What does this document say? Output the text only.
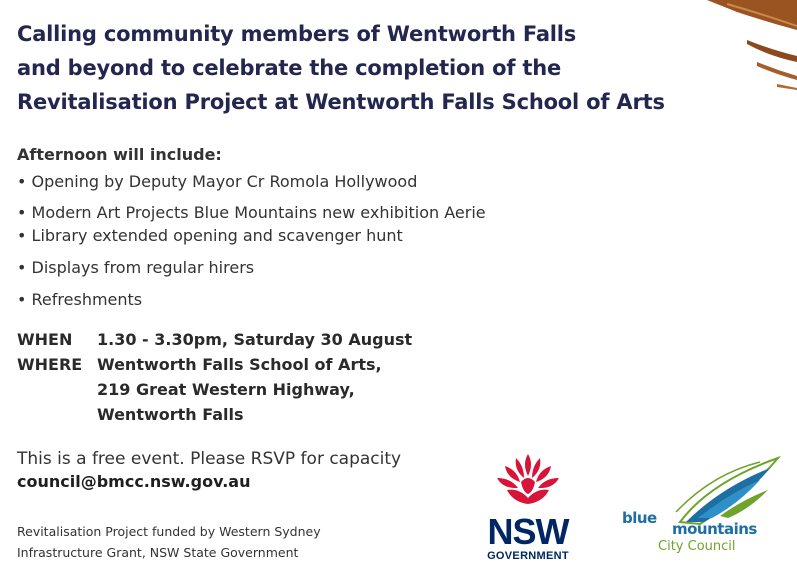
Calling community members of Wentworth Falls
and beyond to celebrate the completion of the
Revitalisation Project at Wentworth Falls School of Arts

Afternoon will include:

• Opening by Deputy Mayor Cr Romola Hollywood
• Modern Art Projects Blue Mountains new exhibition Aerie
• Library extended opening and scavenger hunt
• Displays from regular hirers
• Refreshments
WHEN	1.30 - 3.30pm, Saturday 30 August
WHERE Wentworth Falls School of Arts,
219 Great Western Highway,
Wentworth Falls
This is a free event. Please RSVP for capacity
council@bmcc.nsw.gov.au
Revitalisation Project funded by Western Sydney
Infrastructure Grant, NSW State Government
NSW
GOVERNMENT
blue
mountains
City Council
